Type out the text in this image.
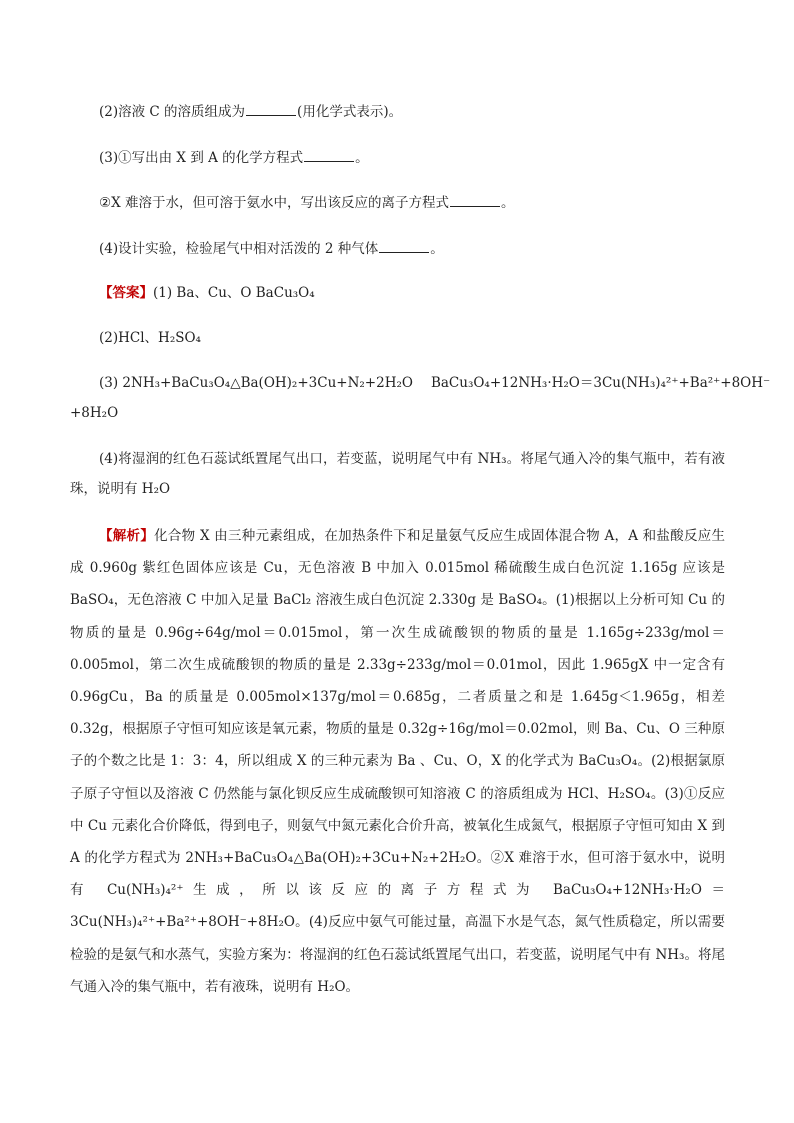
(2)溶液 C 的溶质组成为	(用化学式表示)。
(3)①写出由 X 到 A 的化学方程式	。
②X 难溶于水，但可溶于氨水中，写出该反应的离子方程式	。
(4)设计实验，检验尾气中相对活泼的 2 种气体	。
【答案】(1) Ba、Cu、O BaCu₃O₄
(2)HCl、H₂SO₄
(3) 2NH₃+BaCu₃O₄△Ba(OH)₂+3Cu+N₂+2H₂O BaCu₃O₄+12NH₃·H₂O＝3Cu(NH₃)₄²⁺+Ba²⁺+8OH⁻
+8H₂O
(4)将湿润的红色石蕊试纸置尾气出口，若变蓝，说明尾气中有 NH₃。将尾气通入冷的集气瓶中，若有液珠，说明有 H₂O
【解析】化合物 X 由三种元素组成，在加热条件下和足量氨气反应生成固体混合物 A，A 和盐酸反应生成 0.960g 紫红色固体应该是 Cu，无色溶液 B 中加入 0.015mol 稀硫酸生成白色沉淀 1.165g 应该是 BaSO₄，无色溶液 C 中加入足量 BaCl₂ 溶液生成白色沉淀 2.330g 是 BaSO₄。(1)根据以上分析可知 Cu 的物质的量是 0.96g÷64g/mol＝0.015mol，第一次生成硫酸钡的物质的量是 1.165g÷233g/mol＝0.005mol，第二次生成硫酸钡的物质的量是 2.33g÷233g/mol＝0.01mol，因此 1.965gX 中一定含有 0.96gCu，Ba 的质量是 0.005mol×137g/mol＝0.685g，二者质量之和是 1.645g＜1.965g，相差 0.32g，根据原子守恒可知应该是氧元素，物质的量是 0.32g÷16g/mol＝0.02mol，则 Ba、Cu、O 三种原子的个数之比是 1：3：4，所以组成 X 的三种元素为 Ba 、Cu、O，X 的化学式为 BaCu₃O₄。(2)根据氯原子原子守恒以及溶液 C 仍然能与氯化钡反应生成硫酸钡可知溶液 C 的溶质组成为 HCl、H₂SO₄。(3)①反应中 Cu 元素化合价降低，得到电子，则氨气中氮元素化合价升高，被氧化生成氮气，根据原子守恒可知由 X 到 A 的化学方程式为 2NH₃+BaCu₃O₄△Ba(OH)₂+3Cu+N₂+2H₂O。②X 难溶于水，但可溶于氨水中，说明有 Cu(NH₃)₄²⁺生成，所以该反应的离子方程式为 BaCu₃O₄+12NH₃·H₂O＝3Cu(NH₃)₄²⁺+Ba²⁺+8OH⁻+8H₂O。(4)反应中氨气可能过量，高温下水是气态，氮气性质稳定，所以需要检验的是氨气和水蒸气，实验方案为：将湿润的红色石蕊试纸置尾气出口，若变蓝，说明尾气中有 NH₃。将尾气通入冷的集气瓶中，若有液珠，说明有 H₂O。
